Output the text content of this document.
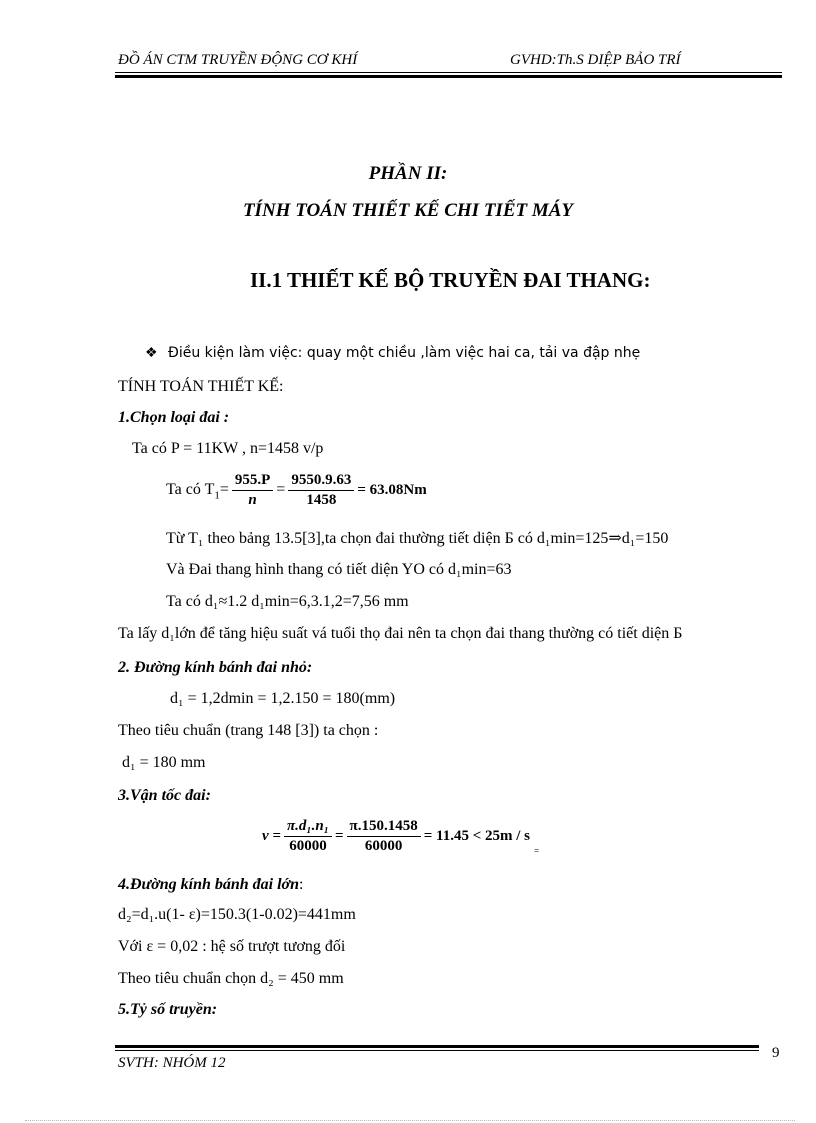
ĐỒ ÁN CTM TRUYỀN ĐỘNG CƠ KHÍ	GVHD:Th.S DIỆP BẢO TRÍ
PHẦN II:
TÍNH TOÁN THIẾT KẾ CHI TIẾT MÁY
II.1 THIẾT KẾ BỘ TRUYỀN ĐAI THANG:
❖ Điều kiện làm việc: quay một chiều ,làm việc hai ca, tải va đập nhẹ
TÍNH TOÁN THIẾT KẾ:
1.Chọn loại đai :
Ta có P = 11KW , n=1458 v/p
Ta có $T_1= \frac{955.P}{n} = \frac{9550.9.63}{1458} = 63.08Nm$
Từ T₁ theo bảng 13.5[3],ta chọn đai thường tiết diện Б có d₁min=125⇒d₁=150
Và Đai thang hình thang có tiết diện YO có d₁min=63
Ta có d₁≈1.2 d₁min=6,3.1,2=7,56 mm
Ta lấy d₁lớn để tăng hiệu suất vá tuổi thọ đai nên ta chọn đai thang thường có tiết diện Б
2. Đường kính bánh đai nhỏ:
d₁ = 1,2dmin = 1,2.150 = 180(mm)
Theo tiêu chuẩn (trang 148 [3]) ta chọn :
d₁ = 180 mm
3.Vận tốc đai:
$v = \frac{\text{π.d₁.n₁}}{60000} = \frac{\pi.150.1458}{60000} = 11.45 < 25m / s_=$
4.Đường kính bánh đai lớn:
d₂=d₁.u(1- ε)=150.3(1-0.02)=441mm
Với ε = 0,02 : hệ số trượt tương đối
Theo tiêu chuẩn chọn d₂ = 450 mm
5.Tỷ số truyền:
SVTH: NHÓM 12
9
